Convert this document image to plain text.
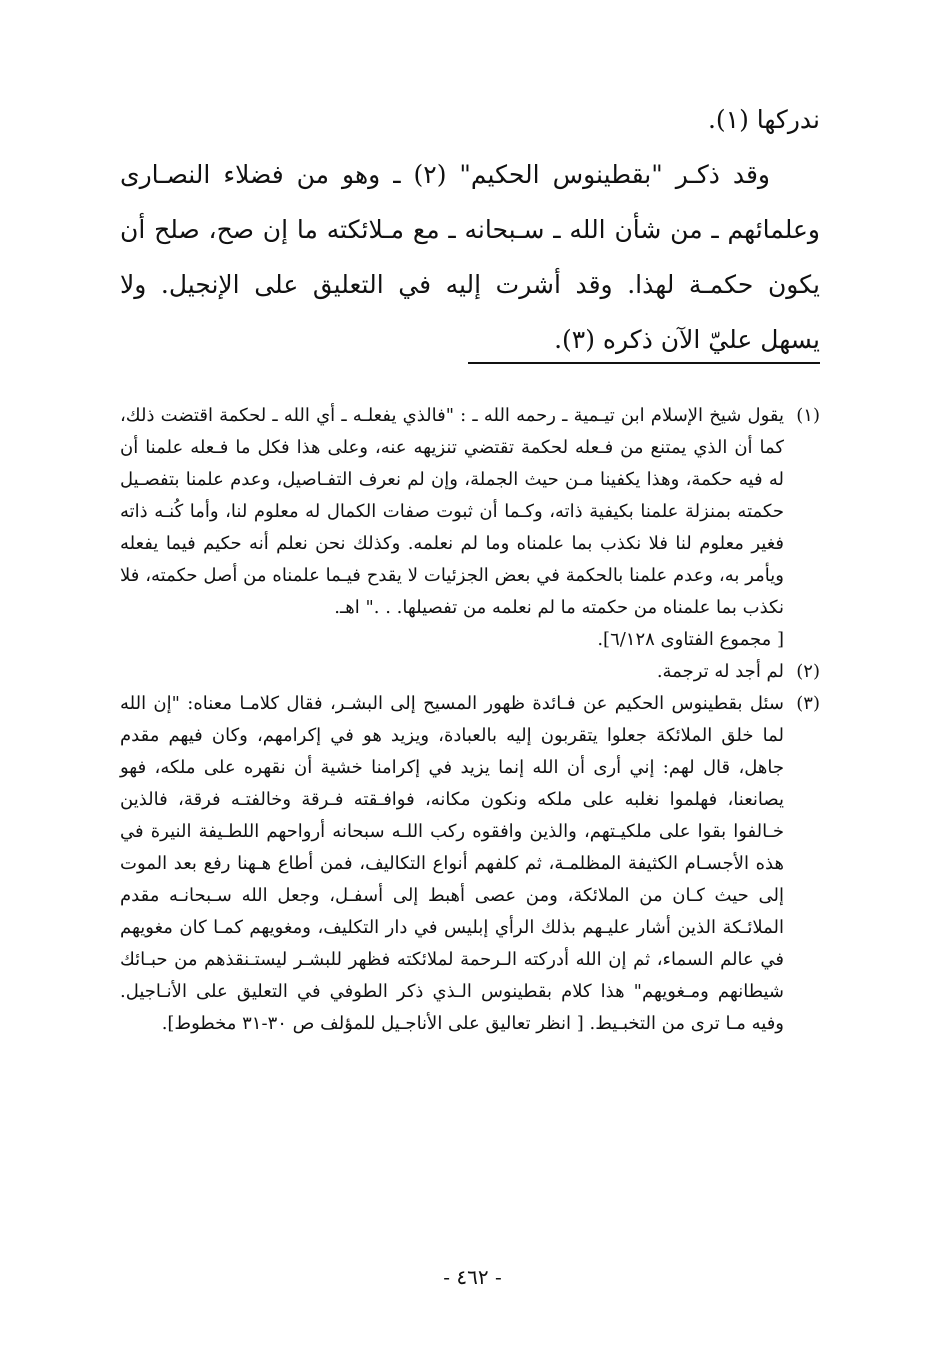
ندركها (١).

وقد ذكـر "بقطينوس الحكيم" (٢) ـ وهو من فضلاء النصـارى وعلمائهم ـ من شأن الله ـ سـبحانه ـ مع مـلائكته ما إن صح، صلح أن يكون حكمـة لهذا. وقد أشرت إليه في التعليق على الإنجيل. ولا يسهل عليّ الآن ذكره (٣).

(١)

يقول شيخ الإسلام ابن تيـمية ـ رحمه الله ـ : "فالذي يفعلـه ـ أي الله ـ لحكمة اقتضت ذلك، كما أن الذي يمتنع من فـعله لحكمة تقتضي تنزيهه عنه، وعلى هذا فكل ما فـعله علمنا أن له فيه حكمة، وهذا يكفينا مـن حيث الجملة، وإن لم نعرف التفـاصيل، وعدم علمنا بتفصـيل حكمته بمنزلة علمنا بكيفية ذاته، وكـما أن ثبوت صفات الكمال له معلوم لنا، وأما كُنـه ذاته فغير معلوم لنا فلا نكذب بما علمناه وما لم نعلمه. وكذلك نحن نعلم أنه حكيم فيما يفعله ويأمر به، وعدم علمنا بالحكمة في بعض الجزئيات لا يقدح فيـما علمناه من أصل حكمته، فلا نكذب بما علمناه من حكمته ما لم نعلمه من تفصيلها. . ." اهـ.

[ مجموع الفتاوى ٦/١٢٨].

(٢)

لم أجد له ترجمة.

(٣)

سئل بقطينوس الحكيم عن فـائدة ظهور المسيح إلى البشـر، فقال كلامـا معناه: "إن الله لما خلق الملائكة جعلوا يتقربون إليه بالعبادة، ويزيد هو في إكرامهم، وكان فيهم مقدم جاهل، قال لهم: إني أرى أن الله إنما يزيد في إكرامنا خشية أن نقهره على ملكه، فهو يصانعنا، فهلموا نغلبه على ملكه ونكون مكانه، فوافـقته فـرقة وخالفتـه فرقة، فالذين خـالفوا بقوا على ملكيـتهم، والذين وافقوه ركب اللـه سبحانه أرواحهم اللطـيفة النيرة في هذه الأجسـام الكثيفة المظلمـة، ثم كلفهم أنواع التكاليف، فمن أطاع هـهنا رفع بعد الموت إلى حيث كـان من الملائكة، ومن عصى أهبط إلى أسفـل، وجعل الله سـبحانـه مقدم الملائـكة الذين أشار عليـهم بذلك الرأي إبليس في دار التكليف، ومغويهم كمـا كان مغويهم في عالم السماء، ثم إن الله أدركته الـرحمة لملائكته فظهر للبشـر ليستـنقذهم من حبـائك شيطانهم ومـغويهم" هذا كلام بقطينوس الـذي ذكر الطوفي في التعليق على الأنـاجيل. وفيه مـا ترى من التخبـيط. [ انظر تعاليق على الأناجـيل للمؤلف ص ٣٠-٣١ مخطوط].

- ٤٦٢ -
